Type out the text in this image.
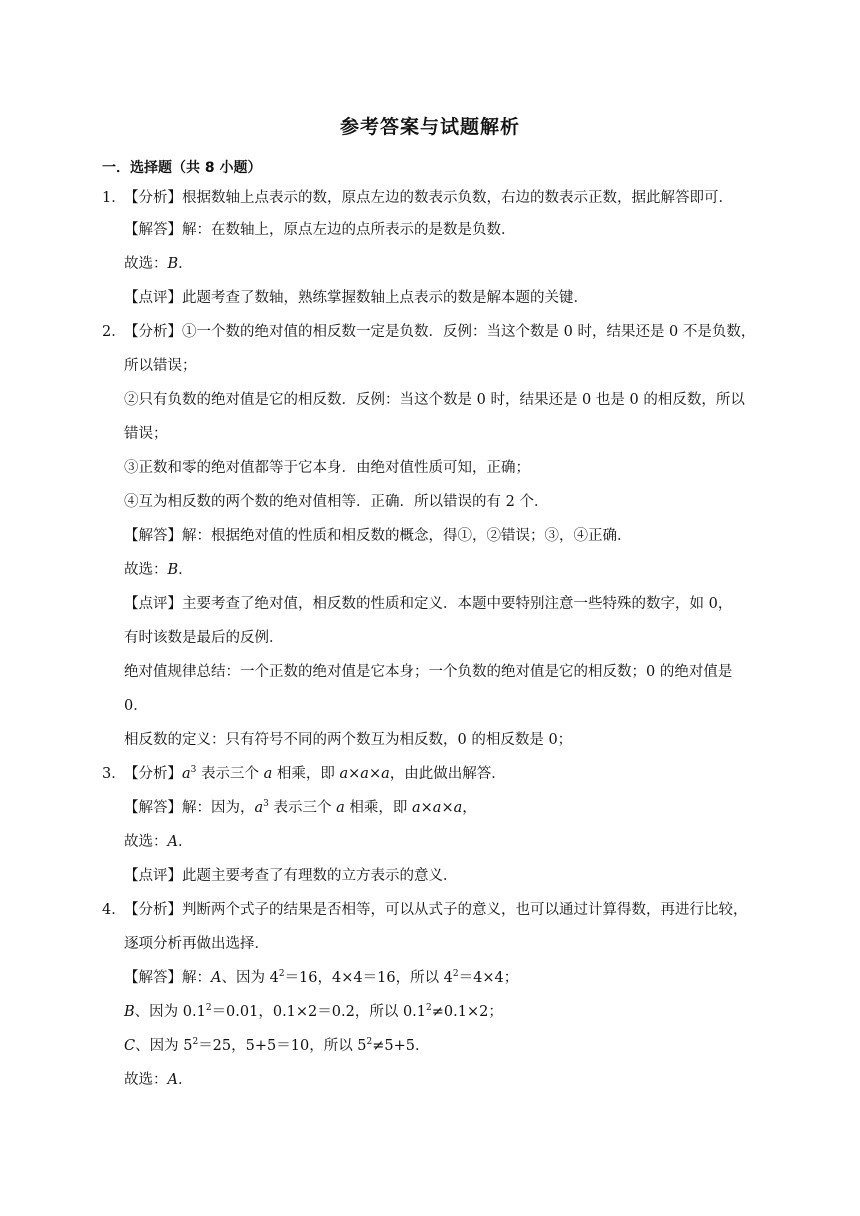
参考答案与试题解析
一．选择题（共 8 小题）
1．
【分析】根据数轴上点表示的数，原点左边的数表示负数，右边的数表示正数，据此解答即可．
【解答】解：在数轴上，原点左边的点所表示的是数是负数．
故选：B．
【点评】此题考查了数轴，熟练掌握数轴上点表示的数是解本题的关键．
2．
【分析】①一个数的绝对值的相反数一定是负数．反例：当这个数是 0 时，结果还是 0 不是负数，
所以错误；
②只有负数的绝对值是它的相反数．反例：当这个数是 0 时，结果还是 0 也是 0 的相反数，所以
错误；
③正数和零的绝对值都等于它本身．由绝对值性质可知，正确；
④互为相反数的两个数的绝对值相等．正确．所以错误的有 2 个．
【解答】解：根据绝对值的性质和相反数的概念，得①，②错误；③，④正确．
故选：B．
【点评】主要考查了绝对值，相反数的性质和定义．本题中要特别注意一些特殊的数字，如 0，
有时该数是最后的反例．
绝对值规律总结：一个正数的绝对值是它本身；一个负数的绝对值是它的相反数；0 的绝对值是
0．
相反数的定义：只有符号不同的两个数互为相反数，0 的相反数是 0；
3．
【分析】$a^3$ 表示三个 a 相乘，即 a×a×a，由此做出解答．
【解答】解：因为，$a^3$ 表示三个 a 相乘，即 a×a×a，
故选：A．
【点评】此题主要考查了有理数的立方表示的意义．
4．
【分析】判断两个式子的结果是否相等，可以从式子的意义，也可以通过计算得数，再进行比较，
逐项分析再做出选择．
【解答】解：A、因为 $4^2=16$，4×4＝16，所以 $4^2=4\times 4$；
B、因为 $0.1^2=0.01$，0.1×2＝0.2，所以 $0.1^2\ne 0.1\times 2$；
C、因为 $5^2=25$，5+5＝10，所以 $5^2\ne 5+5$．
故选：A．
